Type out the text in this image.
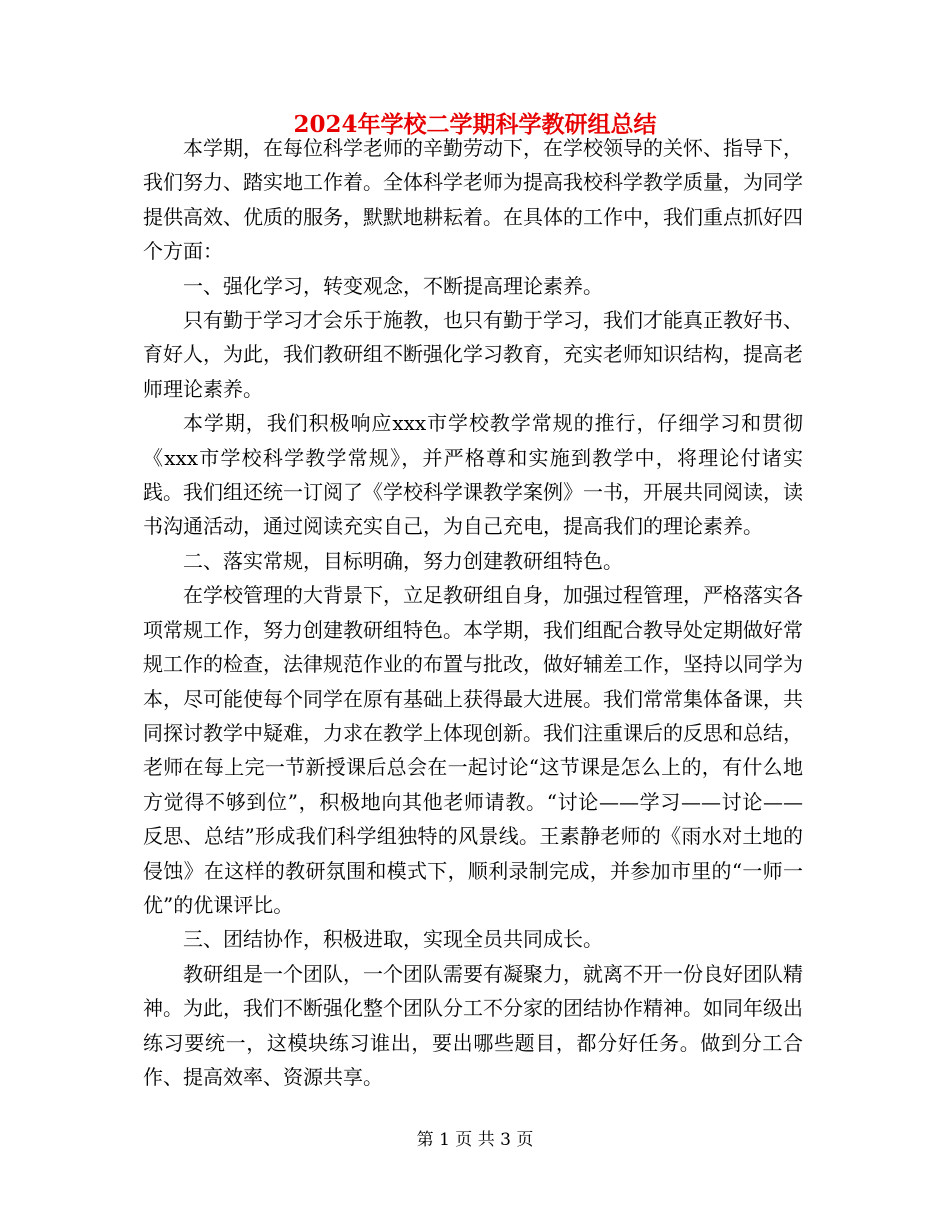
2024年学校二学期科学教研组总结

本学期，在每位科学老师的辛勤劳动下，在学校领导的关怀、指导下，我们努力、踏实地工作着。全体科学老师为提高我校科学教学质量，为同学提供高效、优质的服务，默默地耕耘着。在具体的工作中，我们重点抓好四个方面：

一、强化学习，转变观念，不断提高理论素养。

只有勤于学习才会乐于施教，也只有勤于学习，我们才能真正教好书、育好人，为此，我们教研组不断强化学习教育，充实老师知识结构，提高老师理论素养。

本学期，我们积极响应xxx市学校教学常规的推行，仔细学习和贯彻《xxx市学校科学教学常规》，并严格尊和实施到教学中，将理论付诸实践。我们组还统一订阅了《学校科学课教学案例》一书，开展共同阅读，读书沟通活动，通过阅读充实自己，为自己充电，提高我们的理论素养。

二、落实常规，目标明确，努力创建教研组特色。

在学校管理的大背景下，立足教研组自身，加强过程管理，严格落实各项常规工作，努力创建教研组特色。本学期，我们组配合教导处定期做好常规工作的检查，法律规范作业的布置与批改，做好辅差工作，坚持以同学为本，尽可能使每个同学在原有基础上获得最大进展。我们常常集体备课，共同探讨教学中疑难，力求在教学上体现创新。我们注重课后的反思和总结，老师在每上完一节新授课后总会在一起讨论“这节课是怎么上的，有什么地方觉得不够到位”，积极地向其他老师请教。“讨论——学习——讨论——反思、总结”形成我们科学组独特的风景线。王素静老师的《雨水对土地的侵蚀》在这样的教研氛围和模式下，顺利录制完成，并参加市里的“一师一优”的优课评比。

三、团结协作，积极进取，实现全员共同成长。

教研组是一个团队，一个团队需要有凝聚力，就离不开一份良好团队精神。为此，我们不断强化整个团队分工不分家的团结协作精神。如同年级出练习要统一，这模块练习谁出，要出哪些题目，都分好任务。做到分工合作、提高效率、资源共享。

第 1 页 共 3 页
